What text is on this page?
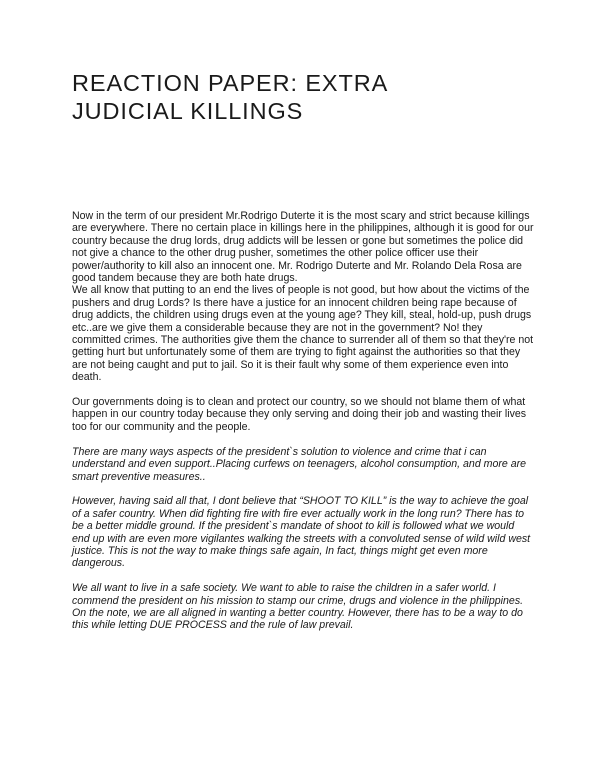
REACTION PAPER: EXTRA
JUDICIAL KILLINGS

Now in the term of our president Mr.Rodrigo Duterte it is the most scary and strict because killings are everywhere. There no certain place in killings here in the philippines, although it is good for our country because the drug lords, drug addicts will be lessen or gone but sometimes the police did not give a chance to the other drug pusher, sometimes the other police officer use their power/authority to kill also an innocent one. Mr. Rodrigo Duterte and Mr. Rolando Dela Rosa are good tandem because they are both hate drugs.

We all know that putting to an end the lives of people is not good, but how about the victims of the pushers and drug Lords? Is there have a justice for an innocent children being rape because of drug addicts, the children using drugs even at the young age? They kill, steal, hold-up, push drugs etc..are we give them a considerable because they are not in the government? No! they committed crimes. The authorities give them the chance to surrender all of them so that they're not getting hurt but unfortunately some of them are trying to fight against the authorities so that they are not being caught and put to jail. So it is their fault why some of them experience even into death.

Our governments doing is to clean and protect our country, so we should not blame them of what happen in our country today because they only serving and doing their job and wasting their lives too for our community and the people.

There are many ways aspects of the president`s solution to violence and crime that i can understand and even support..Placing curfews on teenagers, alcohol consumption, and more are smart preventive measures..

However, having said all that, I dont believe that “SHOOT TO KILL” is the way to achieve the goal of a safer country. When did fighting fire with fire ever actually work in the long run? There has to be a better middle ground. If the president`s mandate of shoot to kill is followed what we would end up with are even more vigilantes walking the streets with a convoluted sense of wild wild west justice. This is not the way to make things safe again, In fact, things might get even more dangerous.

We all want to live in a safe society. We want to able to raise the children in a safer world. I commend the president on his mission to stamp our crime, drugs and violence in the philippines. On the note, we are all aligned in wanting a better country. However, there has to be a way to do this while letting DUE PROCESS and the rule of law prevail.
